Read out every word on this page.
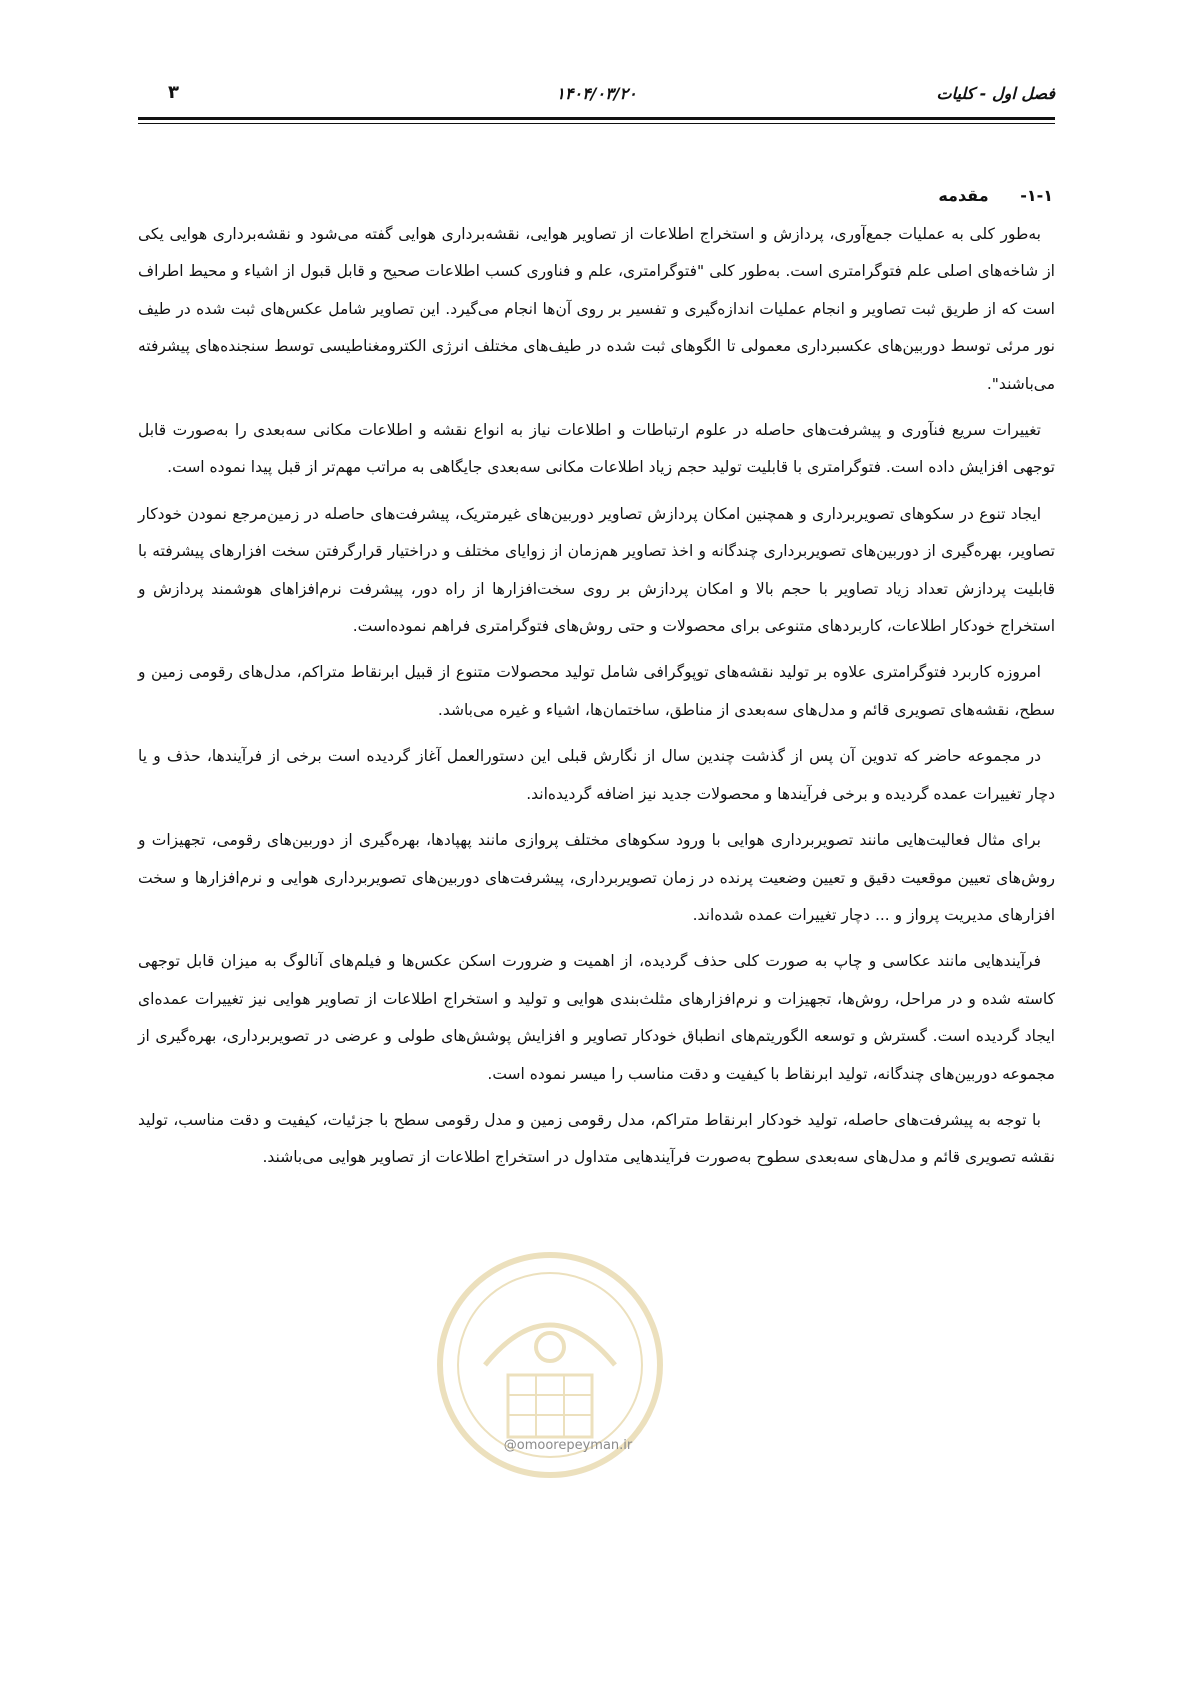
فصل اول - کلیات
۱۴۰۴/۰۳/۲۰
۳
۱-۱- مقدمه

به‌طور کلی به عملیات جمع‌آوری، پردازش و استخراج اطلاعات از تصاویر هوایی، نقشه‌برداری هوایی گفته می‌شود و نقشه‌برداری هوایی یکی از شاخه‌های اصلی علم فتوگرامتری است. به‌طور کلی "فتوگرامتری، علم و فناوری کسب اطلاعات صحیح و قابل قبول از اشیاء و محیط اطراف است که از طریق ثبت تصاویر و انجام عملیات اندازه‌گیری و تفسیر بر روی آن‌ها انجام می‌گیرد. این تصاویر شامل عکس‌های ثبت شده در طیف نور مرئی توسط دوربین‌های عکسبرداری معمولی تا الگوهای ثبت شده در طیف‌های مختلف انرژی الکترومغناطیسی توسط سنجنده‌های پیشرفته می‌باشند".

تغییرات سریع فنآوری و پیشرفت‌های حاصله در علوم ارتباطات و اطلاعات نیاز به انواع نقشه و اطلاعات مکانی سه‌بعدی را به‌صورت قابل توجهی افزایش داده است. فتوگرامتری با قابلیت تولید حجم زیاد اطلاعات مکانی سه‌بعدی جایگاهی به مراتب مهم‌تر از قبل پیدا نموده است.

ایجاد تنوع در سکوهای تصویربرداری و همچنین امکان پردازش تصاویر دوربین‌های غیرمتریک، پیشرفت‌های حاصله در زمین‌مرجع نمودن خودکار تصاویر، بهره‌گیری از دوربین‌های تصویربرداری چندگانه و اخذ تصاویر هم‌زمان از زوایای مختلف و دراختیار قرارگرفتن سخت افزارهای پیشرفته با قابلیت پردازش تعداد زیاد تصاویر با حجم بالا و امکان پردازش بر روی سخت‌افزارها از راه دور، پیشرفت نرم‌افزاهای هوشمند پردازش و استخراج خودکار اطلاعات، کاربردهای متنوعی برای محصولات و حتی روش‌های فتوگرامتری فراهم نموده‌است.

امروزه کاربرد فتوگرامتری علاوه بر تولید نقشه‌های توپوگرافی شامل تولید محصولات متنوع از قبیل ابرنقاط متراکم، مدل‌های رقومی زمین و سطح، نقشه‌های تصویری قائم و مدل‌های سه‌بعدی از مناطق، ساختمان‌ها، اشیاء و غیره می‌باشد.

در مجموعه حاضر که تدوین آن پس از گذشت چندین سال از نگارش قبلی این دستورالعمل آغاز گردیده است برخی از فرآیندها، حذف و یا دچار تغییرات عمده گردیده و برخی فرآیندها و محصولات جدید نیز اضافه گردیده‌اند.

برای مثال فعالیت‌هایی مانند تصویربرداری هوایی با ورود سکوهای مختلف پروازی مانند پهپادها، بهره‌گیری از دوربین‌های رقومی، تجهیزات و روش‌های تعیین موقعیت دقیق و تعیین وضعیت پرنده در زمان تصویربرداری، پیشرفت‌های دوربین‌های تصویربرداری هوایی و نرم‌افزارها و سخت افزارهای مدیریت پرواز و ... دچار تغییرات عمده شده‌اند.

فرآیندهایی مانند عکاسی و چاپ به صورت کلی حذف گردیده، از اهمیت و ضرورت اسکن عکس‌ها و فیلم‌های آنالوگ به میزان قابل توجهی کاسته شده و در مراحل، روش‌ها، تجهیزات و نرم‌افزارهای مثلث‌بندی هوایی و تولید و استخراج اطلاعات از تصاویر هوایی نیز تغییرات عمده‌ای ایجاد گردیده است. گسترش و توسعه الگوریتم‌های انطباق خودکار تصاویر و افزایش پوشش‌های طولی و عرضی در تصویربرداری، بهره‌گیری از مجموعه دوربین‌های چندگانه، تولید ابرنقاط با کیفیت و دقت مناسب را میسر نموده است.

با توجه به پیشرفت‌های حاصله، تولید خودکار ابرنقاط متراکم، مدل رقومی زمین و مدل رقومی سطح با جزئیات، کیفیت و دقت مناسب، تولید نقشه تصویری قائم و مدل‌های سه‌بعدی سطوح به‌صورت فرآیندهایی متداول در استخراج اطلاعات از تصاویر هوایی می‌باشند.

@omoorepeyman.ir
